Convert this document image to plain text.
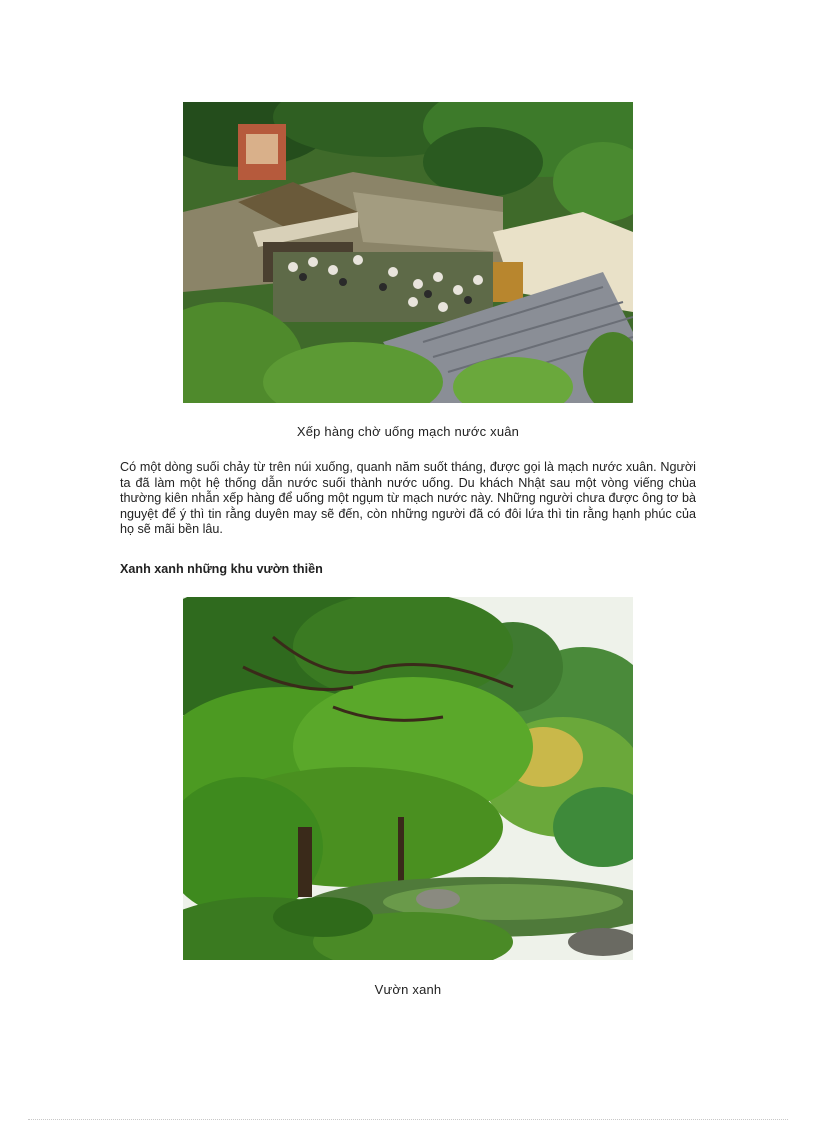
Xếp hàng chờ uống mạch nước xuân
Có một dòng suối chảy từ trên núi xuống, quanh năm suốt tháng, được gọi là mạch nước xuân. Người ta đã làm một hệ thống dẫn nước suối thành nước uống. Du khách Nhật sau một vòng viếng chùa thường kiên nhẫn xếp hàng để uống một ngụm từ mạch nước này. Những người chưa được ông tơ bà nguyệt để ý thì tin rằng duyên may sẽ đến, còn những người đã có đôi lứa thì tin rằng hạnh phúc của họ sẽ mãi bền lâu.
Xanh xanh những khu vườn thiền
Vườn xanh
